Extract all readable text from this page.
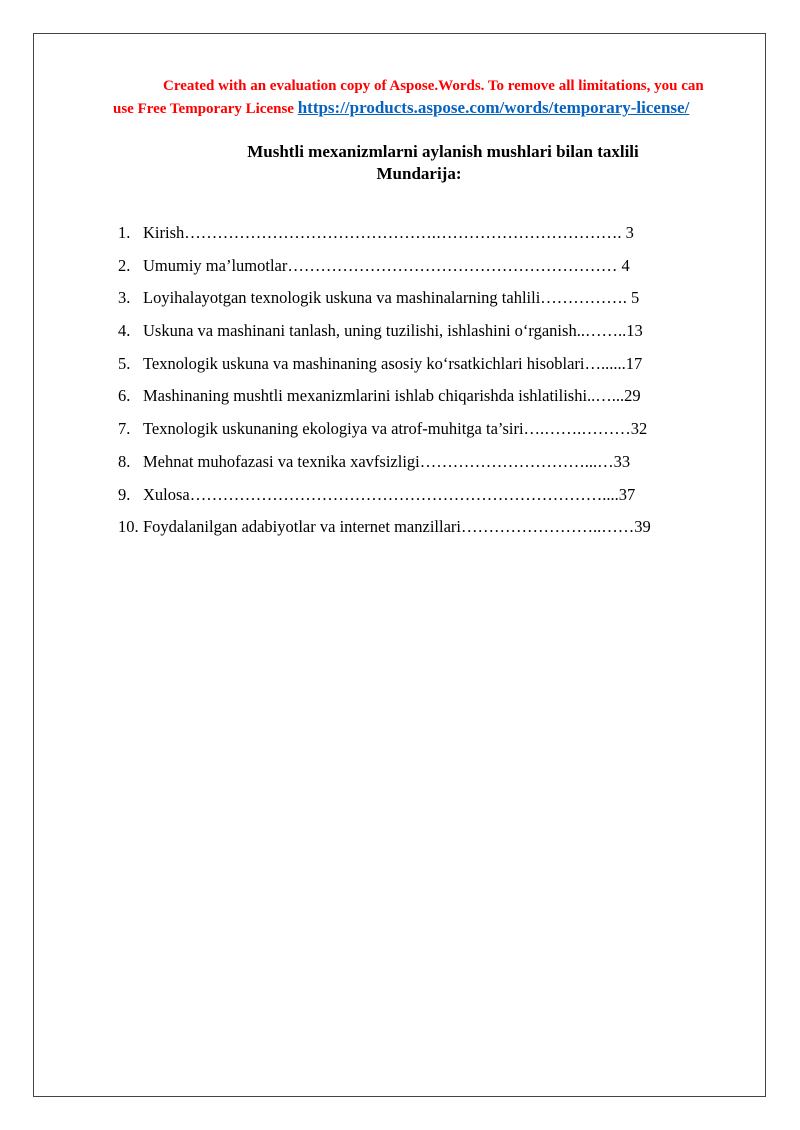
Created with an evaluation copy of Aspose.Words. To remove all limitations, you can use Free Temporary License https://products.aspose.com/words/temporary-license/
Mushtli mexanizmlarni aylanish mushlari bilan taxlili
Mundarija:
1. Kirish……………………………………….……………………………. 3
2. Umumiy ma’lumotlar…………………………………………………… 4
3. Loyihalayotgan texnologik uskuna va mashinalarning tahlili……………. 5
4. Uskuna va mashinani tanlash, uning tuzilishi, ishlashini oʻrganish..……..13
5. Texnologik uskuna va mashinaning asosiy koʻrsatkichlari hisoblari…......17
6. Mashinaning mushtli mexanizmlarini ishlab chiqarishda ishlatilishi..…...29
7. Texnologik uskunaning ekologiya va atrof-muhitga ta’siri….…….………32
8. Mehnat muhofazasi va texnika xavfsizligi…………………………...…33
9. Xulosa…………………………………………………………………....37
10. Foydalanilgan adabiyotlar va internet manzillari……………………..……39
